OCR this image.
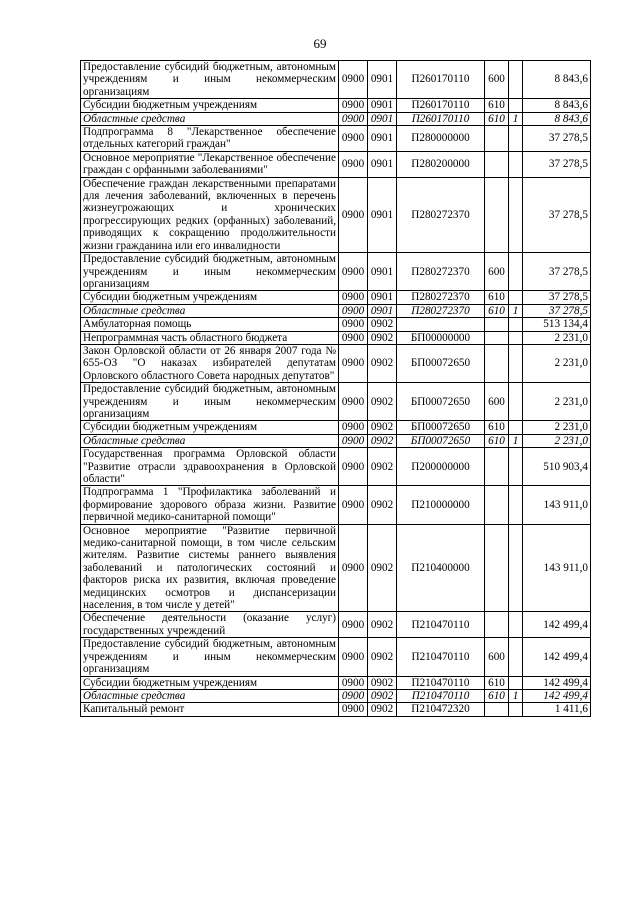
69
Предоставление субсидий бюджетным, автономным учреждениям и иным некоммерческим организациям	0900	0901	П260170110	600		8 843,6
Субсидии бюджетным учреждениям	0900	0901	П260170110	610		8 843,6
Областные средства	0900	0901	П260170110	610	1	8 843,6
Подпрограмма 8 "Лекарственное обеспечение отдельных категорий граждан"	0900	0901	П280000000			37 278,5
Основное мероприятие "Лекарственное обеспечение граждан с орфанными заболеваниями"	0900	0901	П280200000			37 278,5
Обеспечение граждан лекарственными препаратами для лечения заболеваний, включенных в перечень жизнеугрожающих и хронических прогрессирующих редких (орфанных) заболеваний, приводящих к сокращению продолжительности жизни гражданина или его инвалидности	0900	0901	П280272370			37 278,5
Предоставление субсидий бюджетным, автономным учреждениям и иным некоммерческим организациям	0900	0901	П280272370	600		37 278,5
Субсидии бюджетным учреждениям	0900	0901	П280272370	610		37 278,5
Областные средства	0900	0901	П280272370	610	1	37 278,5
Амбулаторная помощь	0900	0902				513 134,4
Непрограммная часть областного бюджета	0900	0902	БП00000000			2 231,0
Закон Орловской области от 26 января 2007 года № 655-ОЗ "О наказах избирателей депутатам Орловского областного Совета народных депутатов"	0900	0902	БП00072650			2 231,0
Предоставление субсидий бюджетным, автономным учреждениям и иным некоммерческим организациям	0900	0902	БП00072650	600		2 231,0
Субсидии бюджетным учреждениям	0900	0902	БП00072650	610		2 231,0
Областные средства	0900	0902	БП00072650	610	1	2 231,0
Государственная программа Орловской области "Развитие отрасли здравоохранения в Орловской области"	0900	0902	П200000000			510 903,4
Подпрограмма 1 "Профилактика заболеваний и формирование здорового образа жизни. Развитие первичной медико-санитарной помощи"	0900	0902	П210000000			143 911,0
Основное мероприятие "Развитие первичной медико-санитарной помощи, в том числе сельским жителям. Развитие системы раннего выявления заболеваний и патологических состояний и факторов риска их развития, включая проведение медицинских осмотров и диспансеризации населения, в том числе у детей"	0900	0902	П210400000			143 911,0
Обеспечение деятельности (оказание услуг) государственных учреждений	0900	0902	П210470110			142 499,4
Предоставление субсидий бюджетным, автономным учреждениям и иным некоммерческим организациям	0900	0902	П210470110	600		142 499,4
Субсидии бюджетным учреждениям	0900	0902	П210470110	610		142 499,4
Областные средства	0900	0902	П210470110	610	1	142 499,4
Капитальный ремонт	0900	0902	П210472320			1 411,6
